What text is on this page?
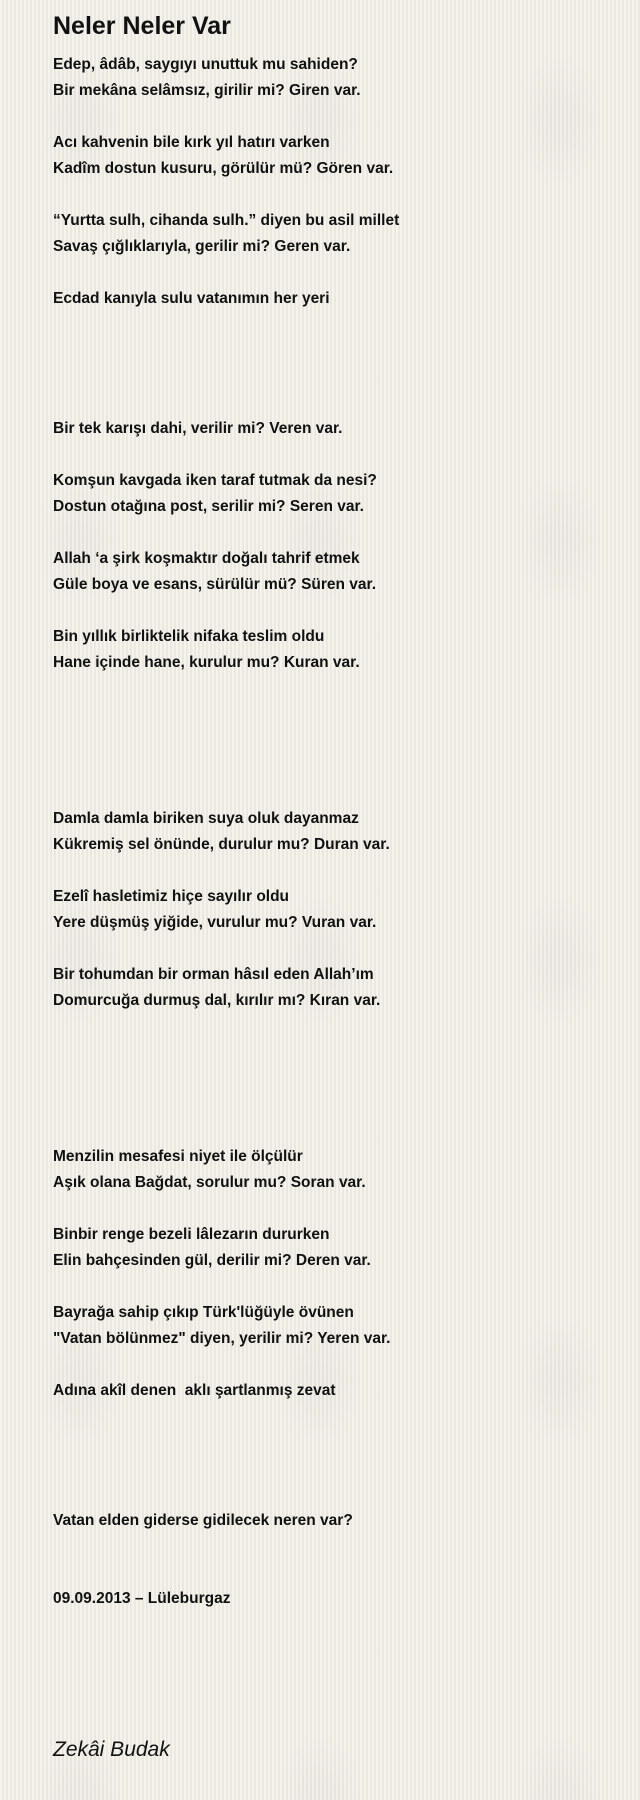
Neler Neler Var
Edep, âdâb, saygıyı unuttuk mu sahiden?
Bir mekâna selâmsız, girilir mi? Giren var.
Acı kahvenin bile kırk yıl hatırı varken
Kadîm dostun kusuru, görülür mü? Gören var.
“Yurtta sulh, cihanda sulh.” diyen bu asil millet
Savaş çığlıklarıyla, gerilir mi? Geren var.
Ecdad kanıyla sulu vatanımın her yeri
Bir tek karışı dahi, verilir mi? Veren var.
Komşun kavgada iken taraf tutmak da nesi?
Dostun otağına post, serilir mi? Seren var.
Allah ‘a şirk koşmaktır doğalı tahrif etmek
Güle boya ve esans, sürülür mü? Süren var.
Bin yıllık birliktelik nifaka teslim oldu
Hane içinde hane, kurulur mu? Kuran var.
Damla damla biriken suya oluk dayanmaz
Kükremiş sel önünde, durulur mu? Duran var.
Ezelî hasletimiz hiçe sayılır oldu
Yere düşmüş yiğide, vurulur mu? Vuran var.
Bir tohumdan bir orman hâsıl eden Allah’ım
Domurcuğa durmuş dal, kırılır mı? Kıran var.
Menzilin mesafesi niyet ile ölçülür
Aşık olana Bağdat, sorulur mu? Soran var.
Binbir renge bezeli lâlezarın dururken
Elin bahçesinden gül, derilir mi? Deren var.
Bayrağa sahip çıkıp Türk'lüğüyle övünen
"Vatan bölünmez" diyen, yerilir mi? Yeren var.
Adına akîl denen  aklı şartlanmış zevat
Vatan elden giderse gidilecek neren var?
09.09.2013 – Lüleburgaz
Zekâi Budak
